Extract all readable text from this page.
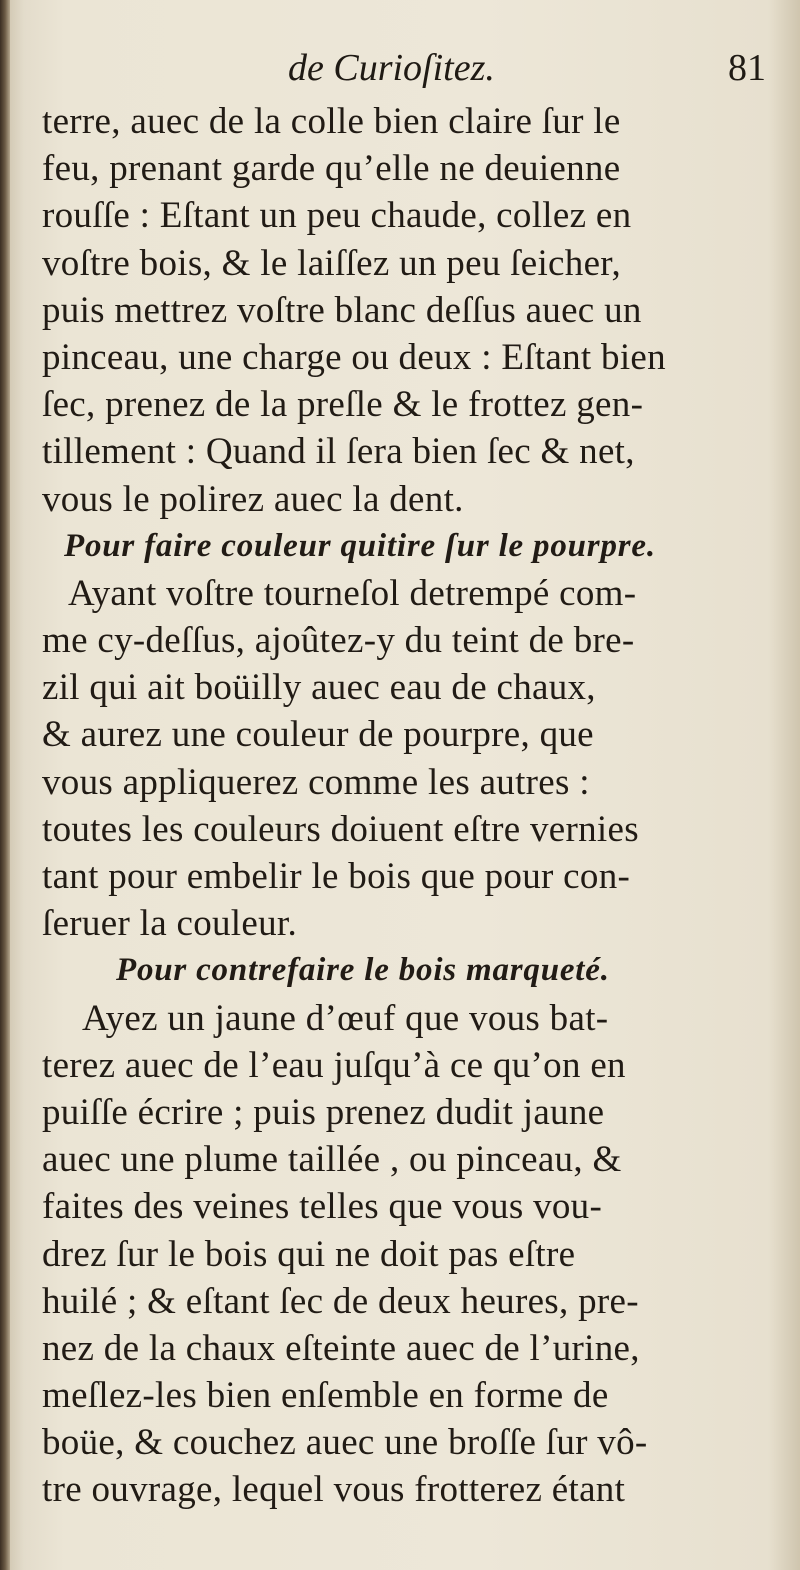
de Curioſitez.	81
terre, auec de la colle bien claire ſur le
feu, prenant garde qu’elle ne deuienne
rouſſe : Eſtant un peu chaude, collez en
voſtre bois, & le laiſſez un peu ſeicher,
puis mettrez voſtre blanc deſſus auec un
pinceau, une charge ou deux : Eſtant bien
ſec, prenez de la preſle & le frottez gen-
tillement : Quand il ſera bien ſec & net,
vous le polirez auec la dent.
Pour faire couleur quitire ſur le pourpre.
Ayant voſtre tourneſol detrempé com-
me cy-deſſus, ajoûtez-y du teint de bre-
zil qui ait boüilly auec eau de chaux,
& aurez une couleur de pourpre, que
vous appliquerez comme les autres :
toutes les couleurs doiuent eſtre vernies
tant pour embelir le bois que pour con-
ſeruer la couleur.
Pour contrefaire le bois marqueté.
Ayez un jaune d’œuf que vous bat-
terez auec de l’eau juſqu’à ce qu’on en
puiſſe écrire ; puis prenez dudit jaune
auec une plume taillée , ou pinceau, &
faites des veines telles que vous vou-
drez ſur le bois qui ne doit pas eſtre
huilé ; & eſtant ſec de deux heures, pre-
nez de la chaux eſteinte auec de l’urine,
meſlez-les bien enſemble en forme de
boüe, & couchez auec une broſſe ſur vô-
tre ouvrage, lequel vous frotterez étant
